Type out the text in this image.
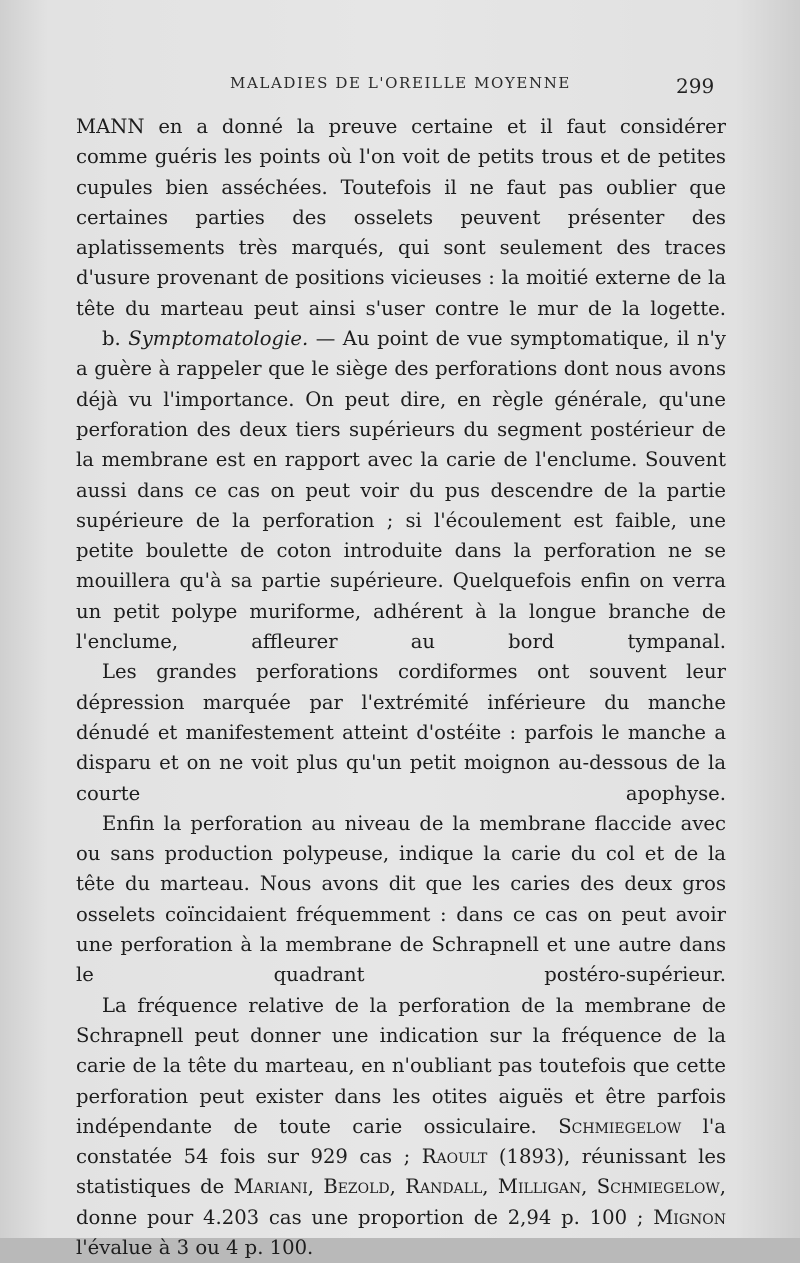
MALADIES DE L'OREILLE MOYENNE	299

MANN en a donné la preuve certaine et il faut considérer comme guéris les points où l'on voit de petits trous et de petites cupules bien asséchées. Toutefois il ne faut pas oublier que certaines parties des osselets peuvent présenter des aplatissements très marqués, qui sont seulement des traces d'usure provenant de positions vicieuses : la moitié externe de la tête du marteau peut ainsi s'user contre le mur de la logette.

b. Symptomatologie. — Au point de vue symptomatique, il n'y a guère à rappeler que le siège des perforations dont nous avons déjà vu l'importance. On peut dire, en règle générale, qu'une perforation des deux tiers supérieurs du segment postérieur de la membrane est en rapport avec la carie de l'enclume. Souvent aussi dans ce cas on peut voir du pus descendre de la partie supérieure de la perforation ; si l'écoulement est faible, une petite boulette de coton introduite dans la perforation ne se mouillera qu'à sa partie supérieure. Quelquefois enfin on verra un petit polype muriforme, adhérent à la longue branche de l'enclume, affleurer au bord tympanal.

Les grandes perforations cordiformes ont souvent leur dépression marquée par l'extrémité inférieure du manche dénudé et manifestement atteint d'ostéite : parfois le manche a disparu et on ne voit plus qu'un petit moignon au-dessous de la courte apophyse.

Enfin la perforation au niveau de la membrane flaccide avec ou sans production polypeuse, indique la carie du col et de la tête du marteau. Nous avons dit que les caries des deux gros osselets coïncidaient fréquemment : dans ce cas on peut avoir une perforation à la membrane de Schrapnell et une autre dans le quadrant postéro-supérieur.

La fréquence relative de la perforation de la membrane de Schrapnell peut donner une indication sur la fréquence de la carie de la tête du marteau, en n'oubliant pas toutefois que cette perforation peut exister dans les otites aiguës et être parfois indépendante de toute carie ossiculaire. Schmiegelow l'a constatée 54 fois sur 929 cas ; Raoult (1893), réunissant les statistiques de Mariani, Bezold, Randall, Milligan, Schmiegelow, donne pour 4.203 cas une proportion de 2,94 p. 100 ; Mignon l'évalue à 3 ou 4 p. 100.
